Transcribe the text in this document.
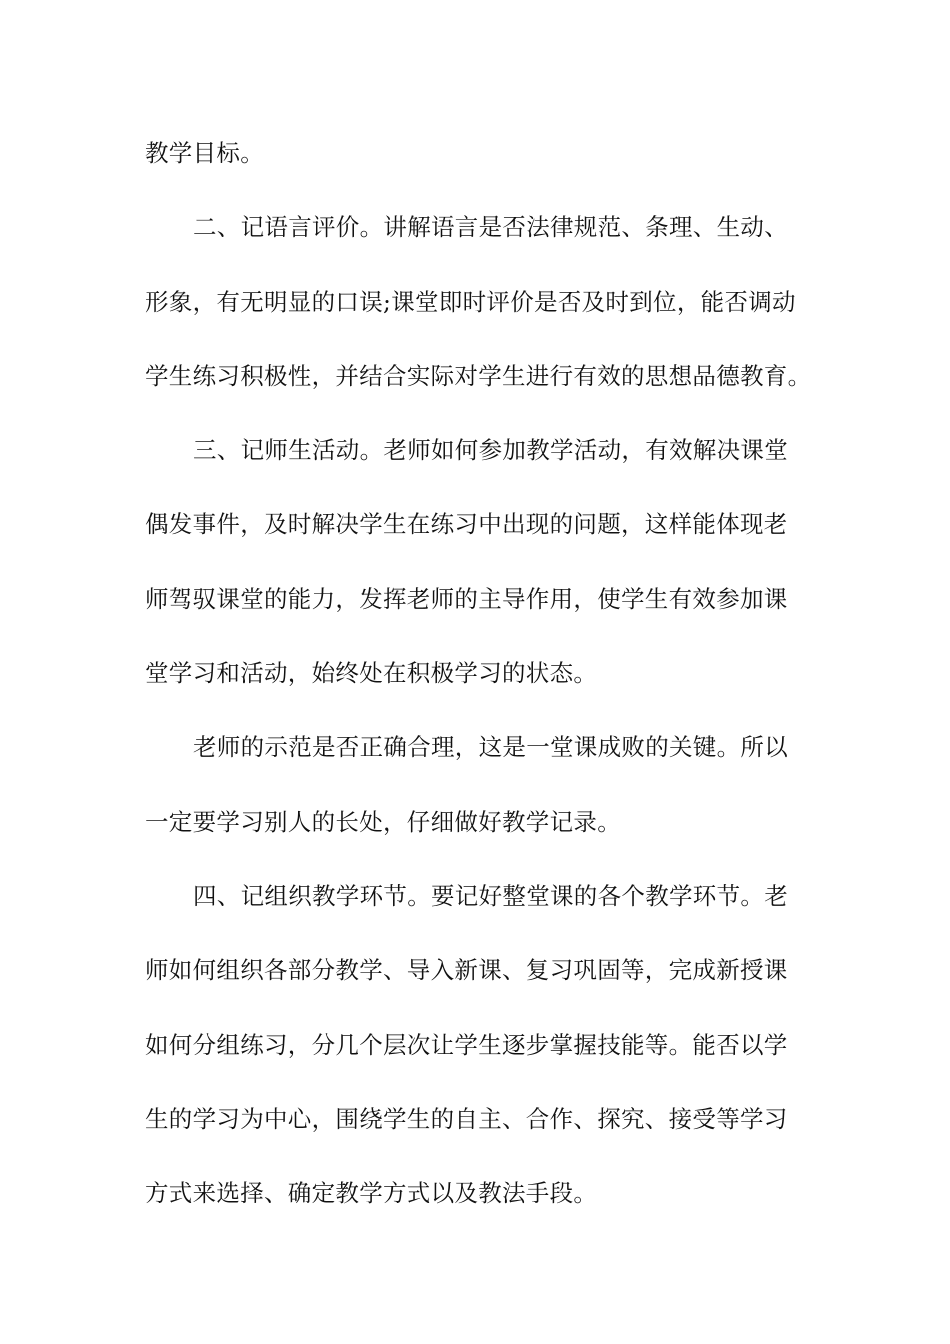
教学目标。
二、记语言评价。讲解语言是否法律规范、条理、生动、
形象，有无明显的口误;课堂即时评价是否及时到位，能否调动
学生练习积极性，并结合实际对学生进行有效的思想品德教育。
三、记师生活动。老师如何参加教学活动，有效解决课堂
偶发事件，及时解决学生在练习中出现的问题，这样能体现老
师驾驭课堂的能力，发挥老师的主导作用，使学生有效参加课
堂学习和活动，始终处在积极学习的状态。
老师的示范是否正确合理，这是一堂课成败的关键。所以
一定要学习别人的长处，仔细做好教学记录。
四、记组织教学环节。要记好整堂课的各个教学环节。老
师如何组织各部分教学、导入新课、复习巩固等，完成新授课
如何分组练习，分几个层次让学生逐步掌握技能等。能否以学
生的学习为中心，围绕学生的自主、合作、探究、接受等学习
方式来选择、确定教学方式以及教法手段。
